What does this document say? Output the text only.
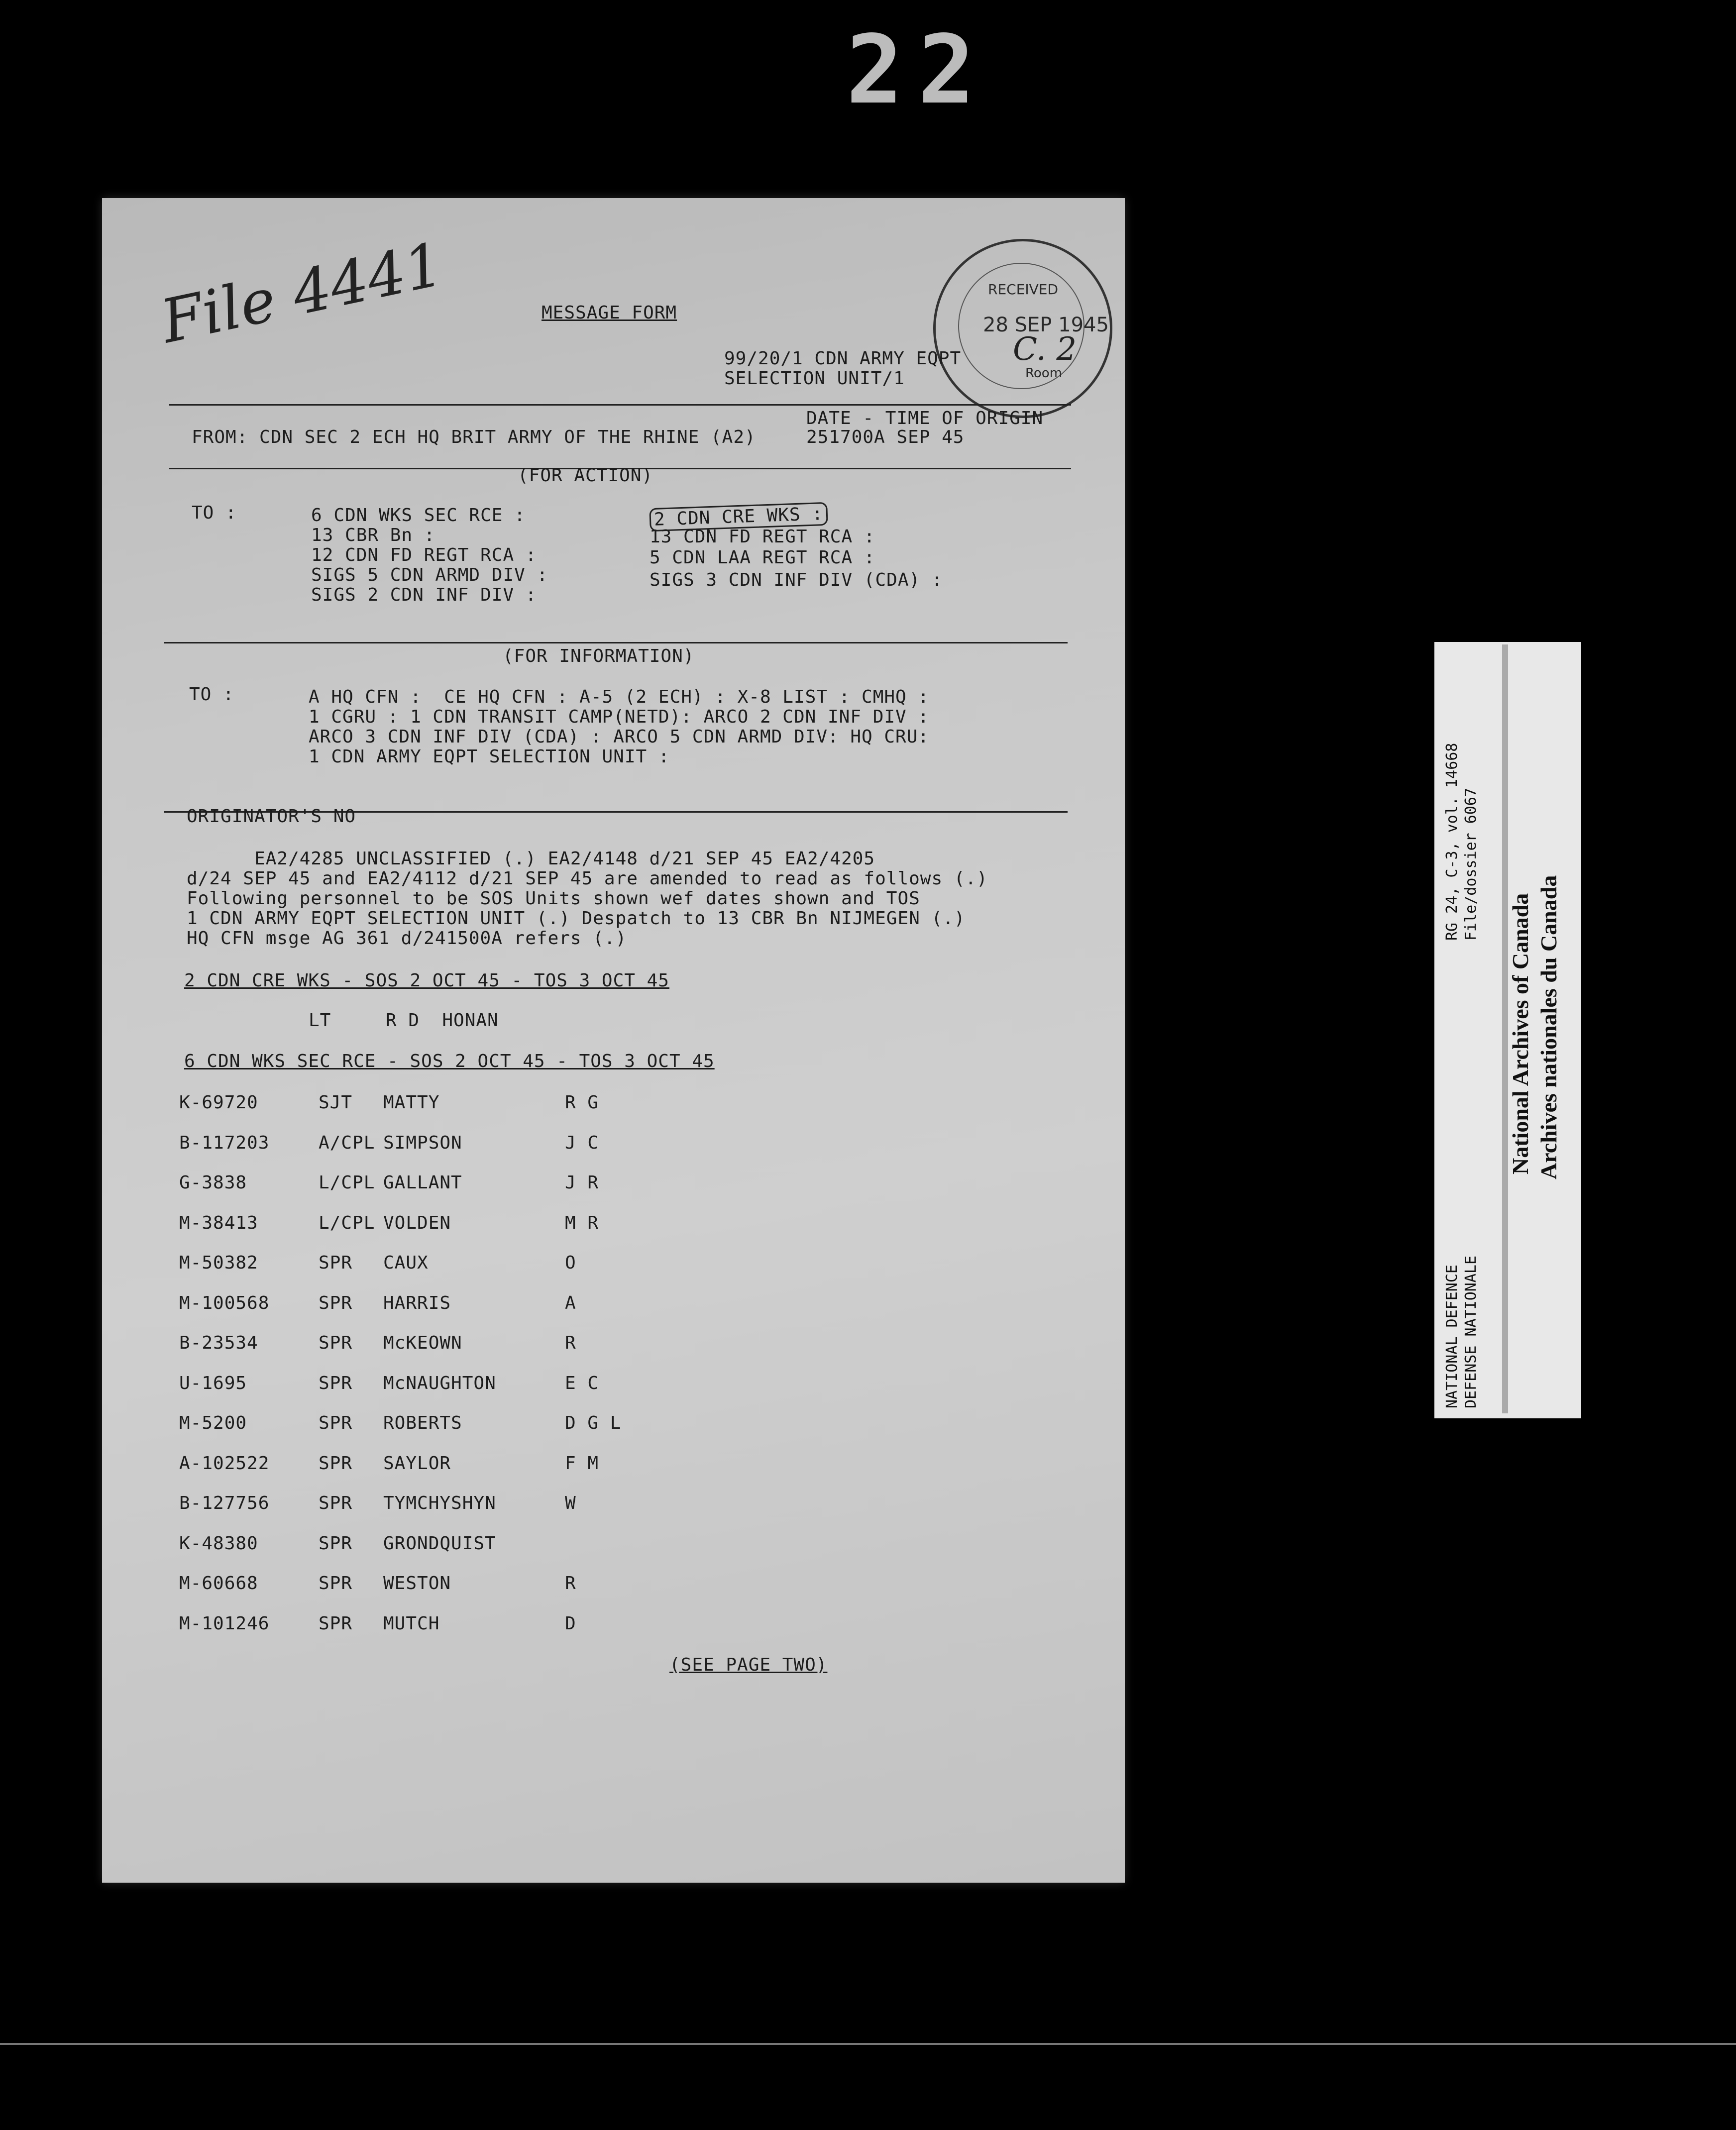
22
File 4441	RECEIVED
28 SEP 1945
Room
C. 2
MESSAGE FORM
99/20/1 CDN ARMY EQPT
SELECTION UNIT/1
DATE - TIME OF ORIGIN
FROM: CDN SEC 2 ECH HQ BRIT ARMY OF THE RHINE (A2)	251700A SEP 45
(FOR ACTION)
TO :	6 CDN WKS SEC RCE :
13 CBR Bn :
12 CDN FD REGT RCA :
SIGS 5 CDN ARMD DIV :
SIGS 2 CDN INF DIV :
2 CDN CRE WKS :
13 CDN FD REGT RCA :
5 CDN LAA REGT RCA :
SIGS 3 CDN INF DIV (CDA) :
(FOR INFORMATION)
TO :	A HQ CFN :  CE HQ CFN : A-5 (2 ECH) : X-8 LIST : CMHQ :
1 CGRU : 1 CDN TRANSIT CAMP(NETD): ARCO 2 CDN INF DIV :
ARCO 3 CDN INF DIV (CDA) : ARCO 5 CDN ARMD DIV: HQ CRU:
1 CDN ARMY EQPT SELECTION UNIT :
ORIGINATOR'S NO
EA2/4285 UNCLASSIFIED (.) EA2/4148 d/21 SEP 45 EA2/4205
d/24 SEP 45 and EA2/4112 d/21 SEP 45 are amended to read as follows (.)
Following personnel to be SOS Units shown wef dates shown and TOS
1 CDN ARMY EQPT SELECTION UNIT (.) Despatch to 13 CBR Bn NIJMEGEN (.)
HQ CFN msge AG 361 d/241500A refers (.)
2 CDN CRE WKS - SOS 2 OCT 45 - TOS 3 OCT 45
LT	R D  HONAN
6 CDN WKS SEC RCE - SOS 2 OCT 45 - TOS 3 OCT 45
K-69720	SJT MATTY	R G
B-117203	A/CPL SIMPSON	J C
G-3838	L/CPL GALLANT	J R
M-38413	L/CPL VOLDEN	M R
M-50382	SPR CAUX	O
M-100568	SPR HARRIS	A
B-23534	SPR McKEOWN	R
U-1695	SPR McNAUGHTON	E C
M-5200	SPR ROBERTS	D G L
A-102522	SPR SAYLOR	F M
B-127756	SPR TYMCHYSHYN	W
K-48380	SPR GRONDQUIST
M-60668	SPR WESTON	R
M-101246	SPR MUTCH	D
(SEE PAGE TWO)
RG 24, C-3, vol. 14668 File/dossier 6067
NATIONAL DEFENCE DEFENSE NATIONALE
National Archives of Canada Archives nationales du Canada
